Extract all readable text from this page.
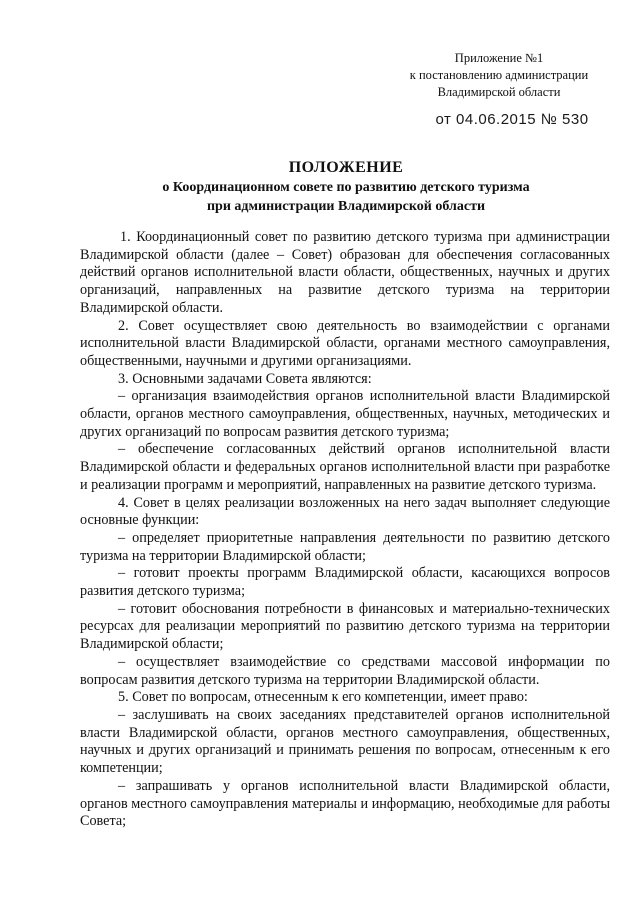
Приложение №1
к постановлению администрации
Владимирской области
от 04.06.2015 № 530
ПОЛОЖЕНИЕ
о Координационном совете по развитию детского туризма
при администрации Владимирской области

1. Координационный совет по развитию детского туризма при администрации Владимирской области (далее – Совет) образован для обеспечения согласованных действий органов исполнительной власти области, общественных, научных и других организаций, направленных на развитие детского туризма на территории Владимирской области.

2. Совет осуществляет свою деятельность во взаимодействии с органами исполнительной власти Владимирской области, органами местного самоуправления, общественными, научными и другими организациями.

3. Основными задачами Совета являются:

– организация взаимодействия органов исполнительной власти Владимирской области, органов местного самоуправления, общественных, научных, методических и других организаций по вопросам развития детского туризма;

– обеспечение согласованных действий органов исполнительной власти Владимирской области и федеральных органов исполнительной власти при разработке и реализации программ и мероприятий, направленных на развитие детского туризма.

4. Совет в целях реализации возложенных на него задач выполняет следующие основные функции:

– определяет приоритетные направления деятельности по развитию детского туризма на территории Владимирской области;

– готовит проекты программ Владимирской области, касающихся вопросов развития детского туризма;

– готовит обоснования потребности в финансовых и материально-технических ресурсах для реализации мероприятий по развитию детского туризма на территории Владимирской области;

– осуществляет взаимодействие со средствами массовой информации по вопросам развития детского туризма на территории Владимирской области.

5. Совет по вопросам, отнесенным к его компетенции, имеет право:

– заслушивать на своих заседаниях представителей органов исполнительной власти Владимирской области, органов местного самоуправления, общественных, научных и других организаций и принимать решения по вопросам, отнесенным к его компетенции;

– запрашивать у органов исполнительной власти Владимирской области, органов местного самоуправления материалы и информацию, необходимые для работы Совета;
